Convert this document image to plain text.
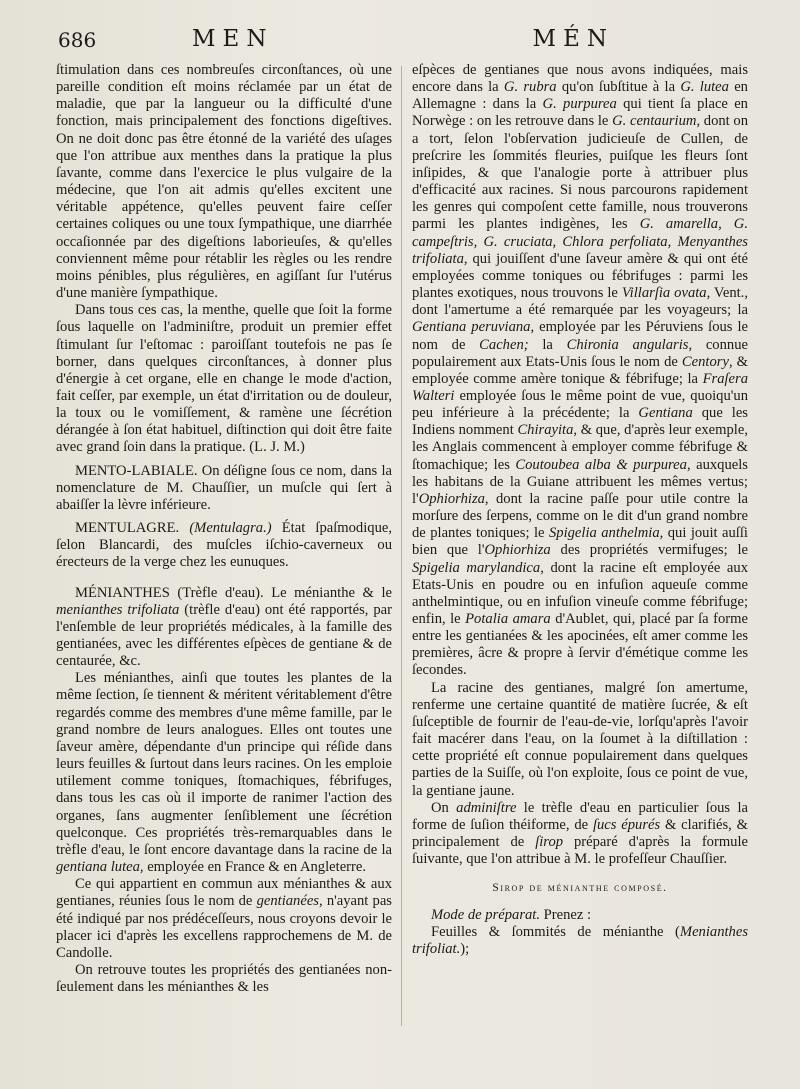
686	MEN	MÉN

ſtimulation dans ces nombreuſes circonſtances, où une pareille condition eſt moins réclamée par un état de maladie, que par la langueur ou la difficulté d'une fonction, mais principalement des fonctions digeſtives. On ne doit donc pas être étonné de la variété des uſages que l'on attribue aux menthes dans la pratique la plus ſavante, comme dans l'exercice le plus vulgaire de la médecine, que l'on ait admis qu'elles excitent une véritable appétence, qu'elles peuvent faire ceſſer certaines coliques ou une toux ſympathique, une diarrhée occaſionnée par des digeſtions laborieuſes, & qu'elles conviennent même pour rétablir les règles ou les rendre moins pénibles, plus régulières, en agiſſant ſur l'utérus d'une manière ſympathique.

Dans tous ces cas, la menthe, quelle que ſoit la forme ſous laquelle on l'adminiſtre, produit un premier effet ſtimulant ſur l'eſtomac : paroiſſant toutefois ne pas ſe borner, dans quelques circonſtances, à donner plus d'énergie à cet organe, elle en change le mode d'action, fait ceſſer, par exemple, un état d'irritation ou de douleur, la toux ou le vomiſſement, & ramène une ſécrétion dérangée à ſon état habituel, diſtinction qui doit être faite avec grand ſoin dans la pratique. (L. J. M.)

MENTO-LABIALE. On déſigne ſous ce nom, dans la nomenclature de M. Chauſſier, un muſcle qui ſert à abaiſſer la lèvre inférieure.

MENTULAGRE. (Mentulagra.) État ſpaſmodique, ſelon Blancardi, des muſcles iſchio-caverneux ou érecteurs de la verge chez les eunuques.

MÉNIANTHES (Trèfle d'eau). Le ménianthe & le menianthes trifoliata (trèfle d'eau) ont été rapportés, par l'enſemble de leur propriétés médicales, à la famille des gentianées, avec les différentes eſpèces de gentiane & de centaurée, &c.

Les ménianthes, ainſi que toutes les plantes de la même ſection, ſe tiennent & méritent véritablement d'être regardés comme des membres d'une même famille, par le grand nombre de leurs analogues. Elles ont toutes une ſaveur amère, dépendante d'un principe qui réſide dans leurs feuilles & ſurtout dans leurs racines. On les emploie utilement comme toniques, ſtomachiques, fébrifuges, dans tous les cas où il importe de ranimer l'action des organes, ſans augmenter ſenſiblement une ſécrétion quelconque. Ces propriétés très-remarquables dans le trèfle d'eau, le ſont encore davantage dans la racine de la gentiana lutea, employée en France & en Angleterre.

Ce qui appartient en commun aux ménianthes & aux gentianes, réunies ſous le nom de gentianées, n'ayant pas été indiqué par nos prédéceſſeurs, nous croyons devoir le placer ici d'après les excellens rapprochemens de M. de Candolle.

On retrouve toutes les propriétés des gentianées non-ſeulement dans les ménianthes & les

eſpèces de gentianes que nous avons indiquées, mais encore dans la G. rubra qu'on ſubſtitue à la G. lutea en Allemagne : dans la G. purpurea qui tient ſa place en Norwège : on les retrouve dans le G. centaurium, dont on a tort, ſelon l'obſervation judicieuſe de Cullen, de preſcrire les ſommités fleuries, puiſque les fleurs ſont inſipides, & que l'analogie porte à attribuer plus d'efficacité aux racines. Si nous parcourons rapidement les genres qui compoſent cette famille, nous trouverons parmi les plantes indigènes, les G. amarella, G. campeſtris, G. cruciata, Chlora perfoliata, Menyanthes trifoliata, qui jouiſſent d'une ſaveur amère & qui ont été employées comme toniques ou fébrifuges : parmi les plantes exotiques, nous trouvons le Villarſia ovata, Vent., dont l'amertume a été remarquée par les voyageurs; la Gentiana peruviana, employée par les Péruviens ſous le nom de Cachen; la Chironia angularis, connue populairement aux Etats-Unis ſous le nom de Centory, & employée comme amère tonique & fébrifuge; la Fraſera Walteri employée ſous le même point de vue, quoiqu'un peu inférieure à la précédente; la Gentiana que les Indiens nomment Chirayita, & que, d'après leur exemple, les Anglais commencent à employer comme fébrifuge & ſtomachique; les Coutoubea alba & purpurea, auxquels les habitans de la Guiane attribuent les mêmes vertus; l'Ophiorhiza, dont la racine paſſe pour utile contre la morſure des ſerpens, comme on le dit d'un grand nombre de plantes toniques; le Spigelia anthelmia, qui jouit auſſi bien que l'Ophiorhiza des propriétés vermifuges; le Spigelia marylandica, dont la racine eſt employée aux Etats-Unis en poudre ou en infuſion aqueuſe comme anthelmintique, ou en infuſion vineuſe comme fébrifuge; enfin, le Potalia amara d'Aublet, qui, placé par ſa forme entre les gentianées & les apocinées, eſt amer comme les premières, âcre & propre à ſervir d'émétique comme les ſecondes.

La racine des gentianes, malgré ſon amertume, renferme une certaine quantité de matière ſucrée, & eſt ſuſceptible de fournir de l'eau-de-vie, lorſqu'après l'avoir fait macérer dans l'eau, on la ſoumet à la diſtillation : cette propriété eſt connue populairement dans quelques parties de la Suiſſe, où l'on exploite, ſous ce point de vue, la gentiane jaune.

On adminiſtre le trèfle d'eau en particulier ſous la forme de ſuſion théiforme, de ſucs épurés & clarifiés, & principalement de ſirop préparé d'après la formule ſuivante, que l'on attribue à M. le profeſſeur Chauſſier.

Sirop de ménianthe composé.

Mode de préparat. Prenez :

Feuilles & ſommités de ménianthe (Menianthes trifoliat.);
